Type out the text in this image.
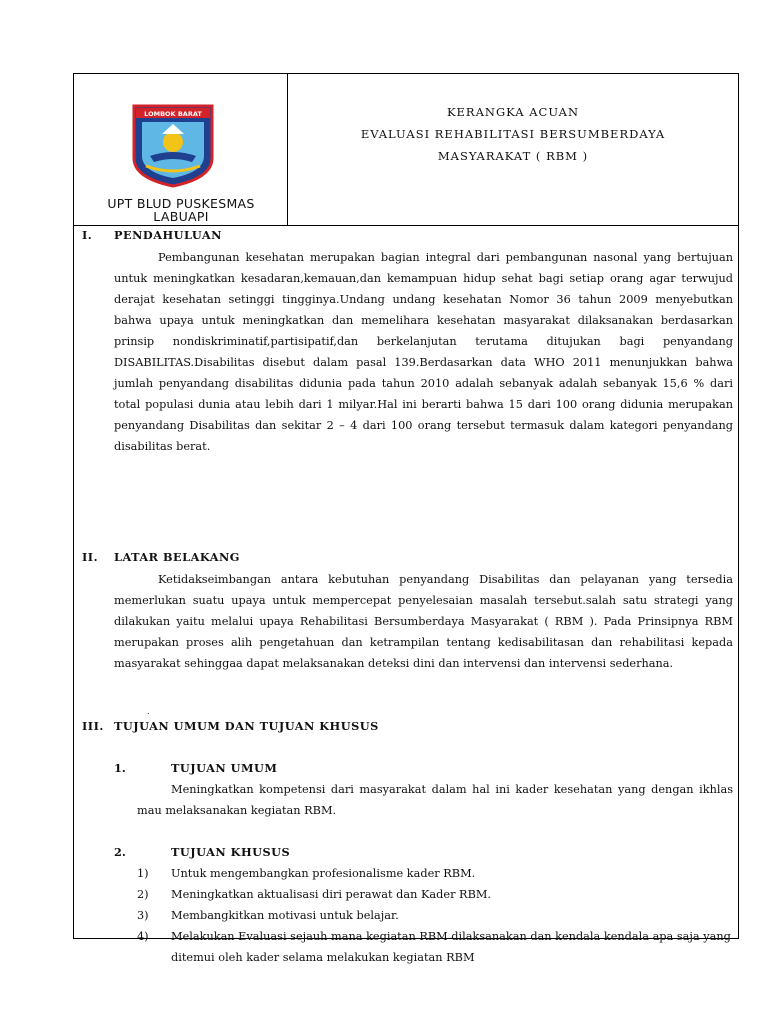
LOMBOK BARAT
UPT BLUD PUSKESMAS
LABUAPI
KERANGKA ACUAN
EVALUASI REHABILITASI BERSUMBERDAYA
MASYARAKAT ( RBM )
I. PENDAHULUAN
Pembangunan kesehatan merupakan bagian integral dari pembangunan nasonal yang bertujuan untuk meningkatkan kesadaran,kemauan,dan kemampuan hidup sehat bagi setiap orang agar terwujud derajat kesehatan setinggi tingginya.Undang undang kesehatan Nomor 36 tahun 2009 menyebutkan bahwa upaya untuk meningkatkan dan memelihara kesehatan masyarakat dilaksanakan berdasarkan prinsip nondiskriminatif,partisipatif,dan berkelanjutan terutama ditujukan bagi penyandang DISABILITAS.Disabilitas disebut dalam pasal 139.Berdasarkan data WHO 2011 menunjukkan bahwa jumlah penyandang disabilitas didunia pada tahun 2010 adalah sebanyak adalah sebanyak 15,6 % dari total populasi dunia atau lebih dari 1 milyar.Hal ini berarti bahwa 15 dari 100 orang didunia merupakan penyandang Disabilitas dan sekitar 2 – 4 dari 100 orang tersebut termasuk dalam kategori penyandang disabilitas berat.
II. LATAR BELAKANG
Ketidakseimbangan antara kebutuhan penyandang Disabilitas dan pelayanan yang tersedia memerlukan suatu upaya untuk mempercepat penyelesaian masalah tersebut.salah satu strategi yang dilakukan yaitu melalui upaya Rehabilitasi Bersumberdaya Masyarakat ( RBM ). Pada Prinsipnya RBM merupakan proses alih pengetahuan dan ketrampilan tentang kedisabilitasan dan rehabilitasi kepada masyarakat sehinggaa dapat melaksanakan deteksi dini dan intervensi dan intervensi sederhana.
.
III. TUJUAN UMUM DAN TUJUAN KHUSUS
1.	TUJUAN UMUM
Meningkatkan kompetensi dari masyarakat dalam hal ini kader kesehatan yang dengan ikhlas mau melaksanakan kegiatan RBM.
2.	TUJUAN KHUSUS
1) Untuk mengembangkan profesionalisme kader RBM.
2) Meningkatkan aktualisasi diri perawat dan Kader RBM.
3) Membangkitkan motivasi untuk belajar.
4) Melakukan Evaluasi sejauh mana kegiatan RBM dilaksanakan dan kendala kendala apa saja yang ditemui oleh kader selama melakukan kegiatan RBM
